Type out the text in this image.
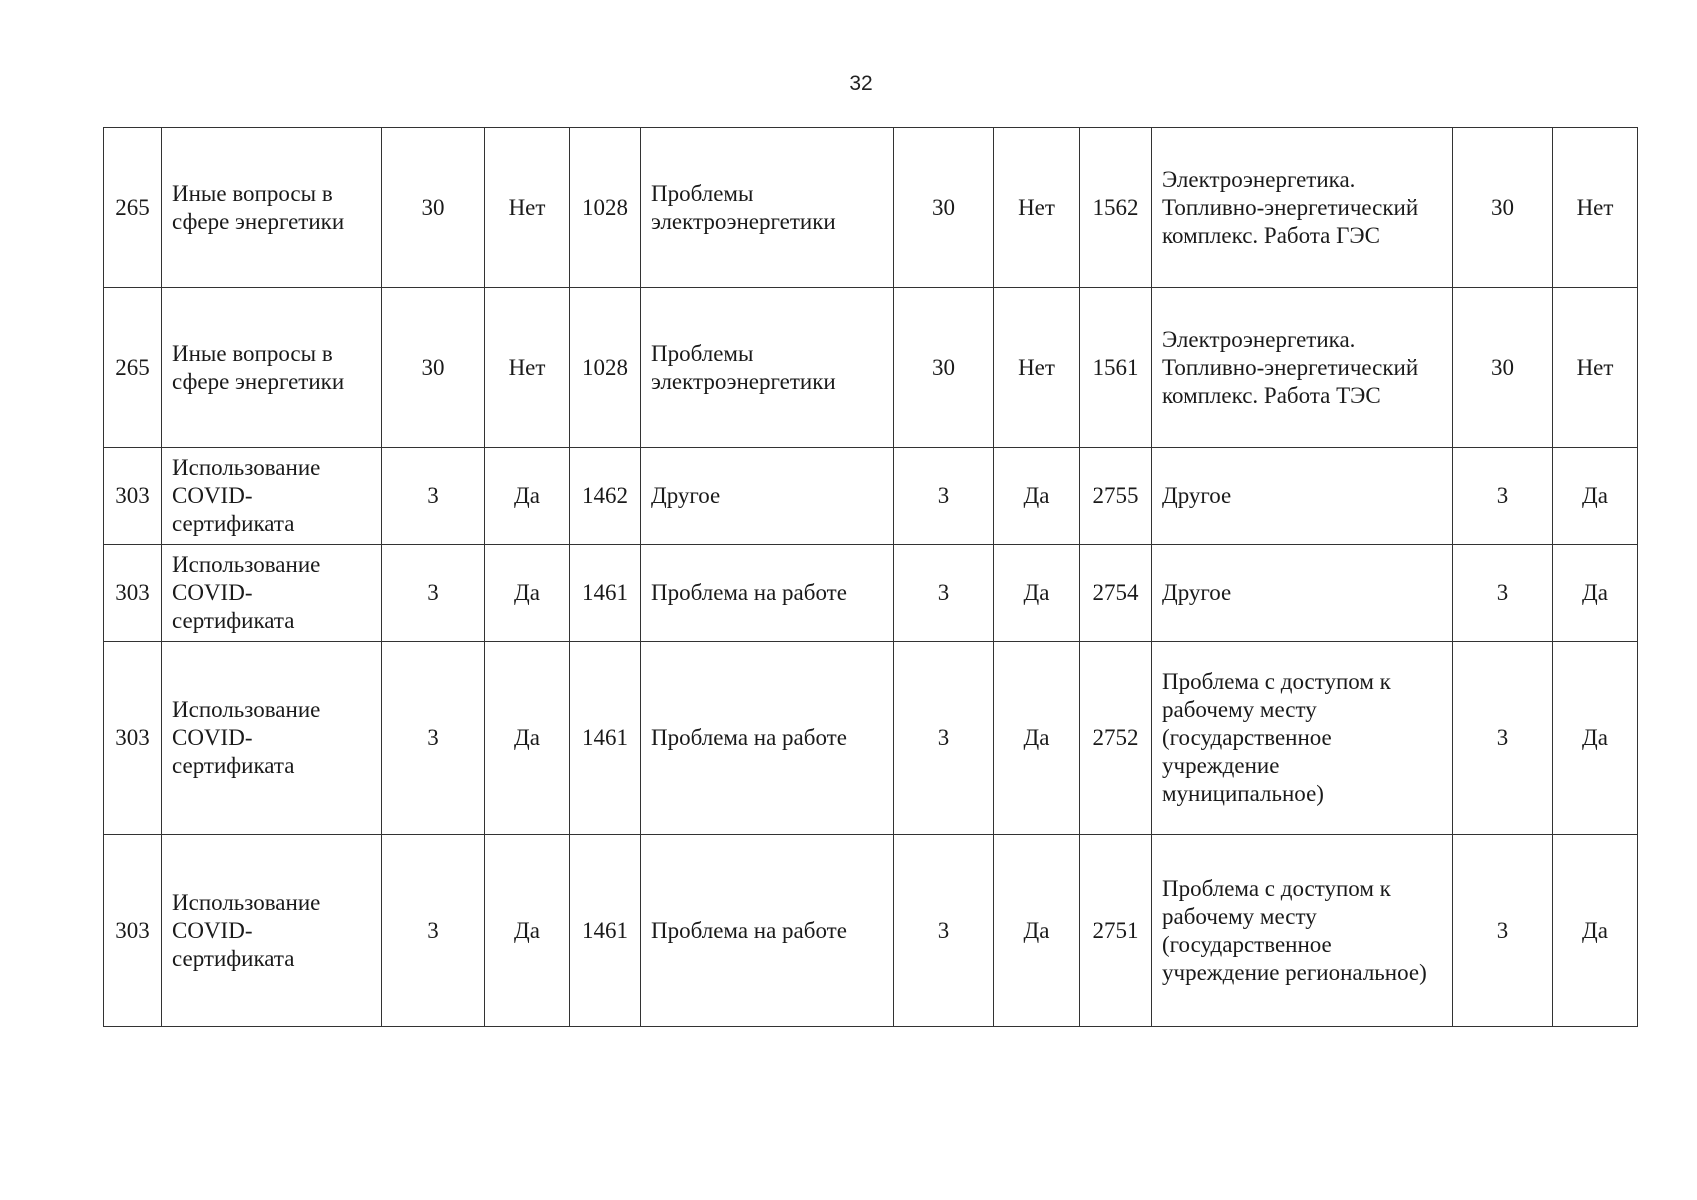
32
265	Иные вопросы в
сфере энергетики	30	Нет	1028	Проблемы
электроэнергетики	30	Нет	1562	Электроэнергетика.
Топливно-энергетический
комплекс. Работа ГЭС	30	Нет
265	Иные вопросы в
сфере энергетики	30	Нет	1028	Проблемы
электроэнергетики	30	Нет	1561	Электроэнергетика.
Топливно-энергетический
комплекс. Работа ТЭС	30	Нет
303	Использование
COVID-
сертификата	3	Да	1462	Другое	3	Да	2755	Другое	3	Да
303	Использование
COVID-
сертификата	3	Да	1461	Проблема на работе	3	Да	2754	Другое	3	Да
303	Использование
COVID-
сертификата	3	Да	1461	Проблема на работе	3	Да	2752	Проблема с доступом к
рабочему месту
(государственное
учреждение
муниципальное)	3	Да
303	Использование
COVID-
сертификата	3	Да	1461	Проблема на работе	3	Да	2751	Проблема с доступом к
рабочему месту
(государственное
учреждение региональное)	3	Да
